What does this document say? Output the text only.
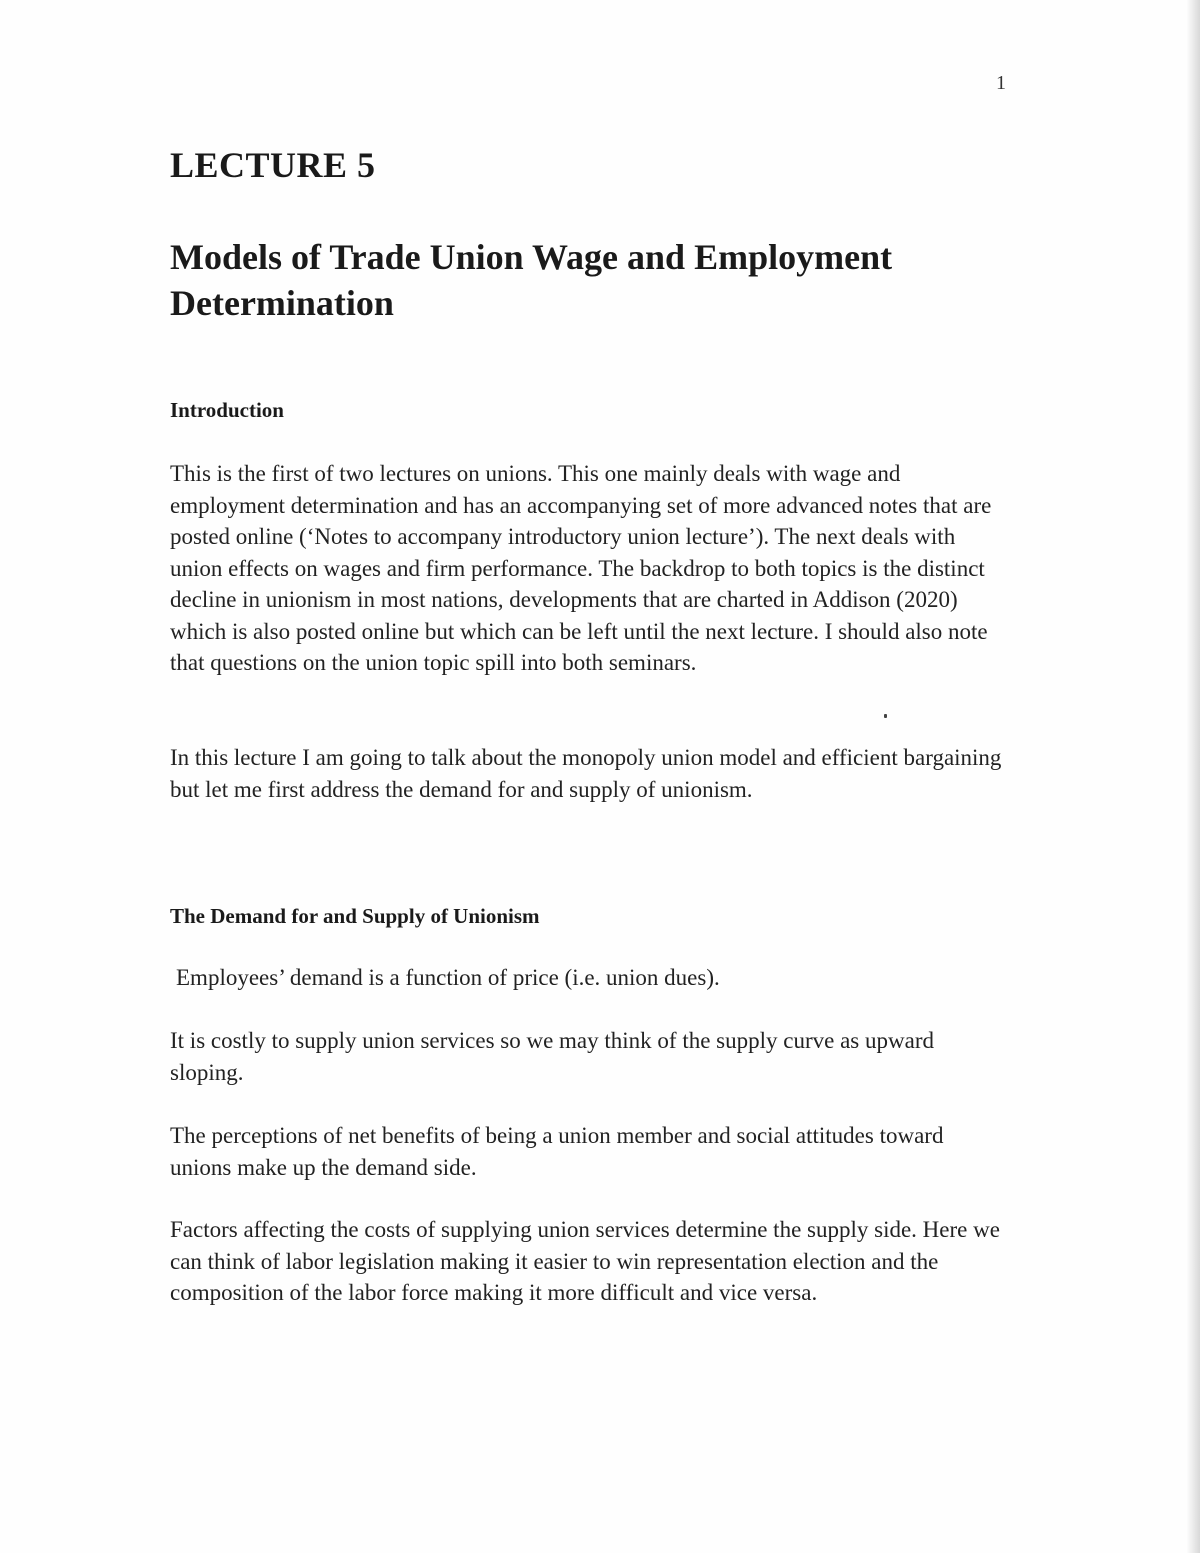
1
LECTURE 5
Models of Trade Union Wage and Employment Determination
Introduction

This is the first of two lectures on unions. This one mainly deals with wage and employment determination and has an accompanying set of more advanced notes that are posted online (‘Notes to accompany introductory union lecture’). The next deals with union effects on wages and firm performance. The backdrop to both topics is the distinct decline in unionism in most nations, developments that are charted in Addison (2020) which is also posted online but which can be left until the next lecture. I should also note that questions on the union topic spill into both seminars.

In this lecture I am going to talk about the monopoly union model and efficient bargaining but let me first address the demand for and supply of unionism.

The Demand for and Supply of Unionism

Employees’ demand is a function of price (i.e. union dues).

It is costly to supply union services so we may think of the supply curve as upward sloping.

The perceptions of net benefits of being a union member and social attitudes toward unions make up the demand side.

Factors affecting the costs of supplying union services determine the supply side. Here we can think of labor legislation making it easier to win representation election and the composition of the labor force making it more difficult and vice versa.
